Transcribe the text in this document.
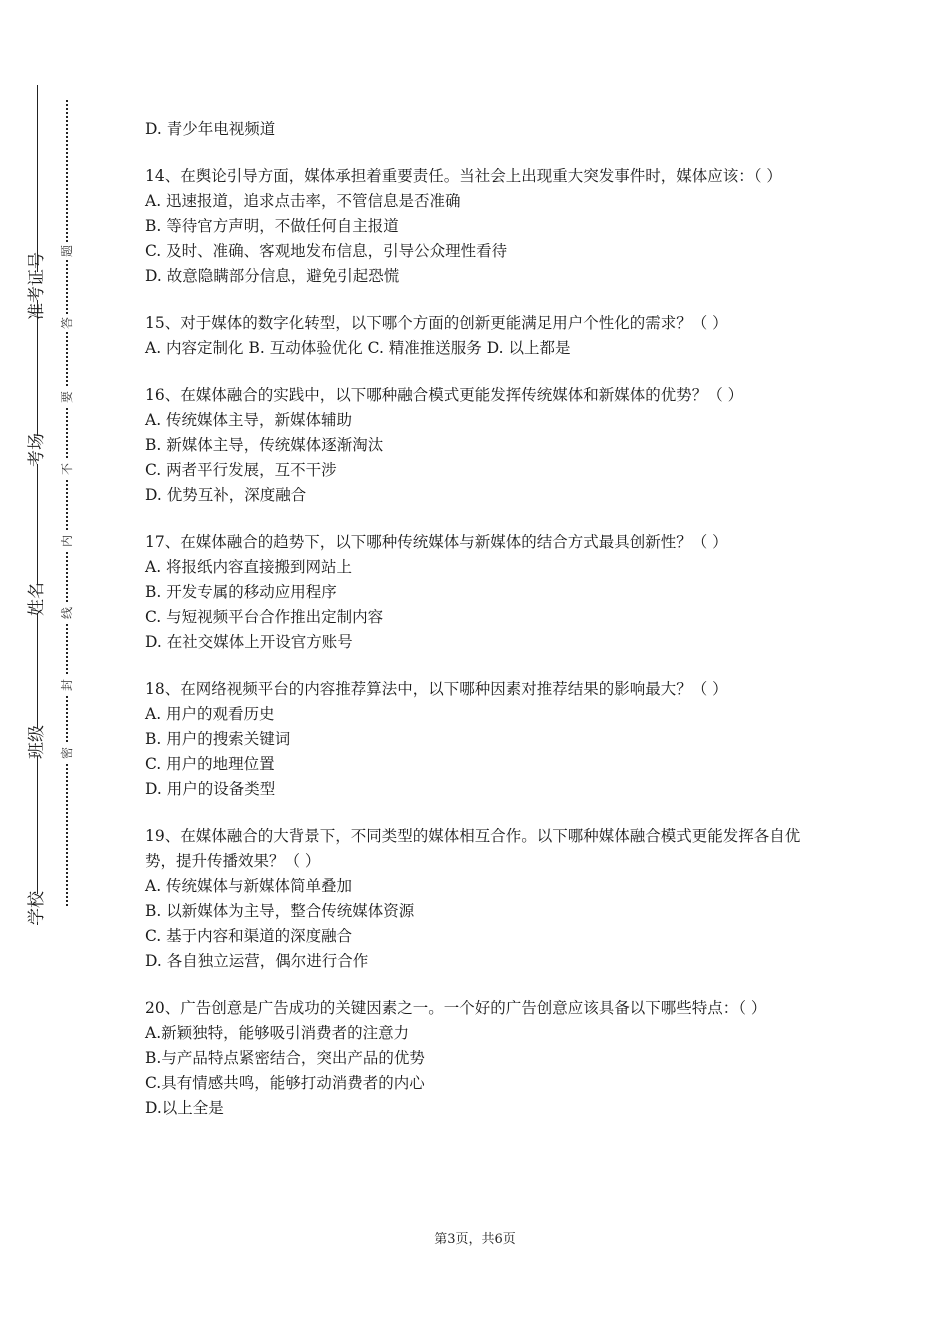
准考证号
考场
姓名
班级
学校
题
答
要
不
内
线
封
密

D. 青少年电视频道

14、在舆论引导方面，媒体承担着重要责任。当社会上出现重大突发事件时，媒体应该：（ ）

A. 迅速报道，追求点击率，不管信息是否准确

B. 等待官方声明，不做任何自主报道

C. 及时、准确、客观地发布信息，引导公众理性看待

D. 故意隐瞒部分信息，避免引起恐慌

15、对于媒体的数字化转型，以下哪个方面的创新更能满足用户个性化的需求？（ ）

A. 内容定制化 B. 互动体验优化 C. 精准推送服务 D. 以上都是

16、在媒体融合的实践中，以下哪种融合模式更能发挥传统媒体和新媒体的优势？（ ）

A. 传统媒体主导，新媒体辅助

B. 新媒体主导，传统媒体逐渐淘汰

C. 两者平行发展，互不干涉

D. 优势互补，深度融合

17、在媒体融合的趋势下，以下哪种传统媒体与新媒体的结合方式最具创新性？（ ）

A. 将报纸内容直接搬到网站上

B. 开发专属的移动应用程序

C. 与短视频平台合作推出定制内容

D. 在社交媒体上开设官方账号

18、在网络视频平台的内容推荐算法中，以下哪种因素对推荐结果的影响最大？（ ）

A. 用户的观看历史

B. 用户的搜索关键词

C. 用户的地理位置

D. 用户的设备类型

19、在媒体融合的大背景下，不同类型的媒体相互合作。以下哪种媒体融合模式更能发挥各自优势，提升传播效果？（ ）

A. 传统媒体与新媒体简单叠加

B. 以新媒体为主导，整合传统媒体资源

C. 基于内容和渠道的深度融合

D. 各自独立运营，偶尔进行合作

20、广告创意是广告成功的关键因素之一。一个好的广告创意应该具备以下哪些特点：（ ）

A.新颖独特，能够吸引消费者的注意力

B.与产品特点紧密结合，突出产品的优势

C.具有情感共鸣，能够打动消费者的内心

D.以上全是

第3页，共6页
